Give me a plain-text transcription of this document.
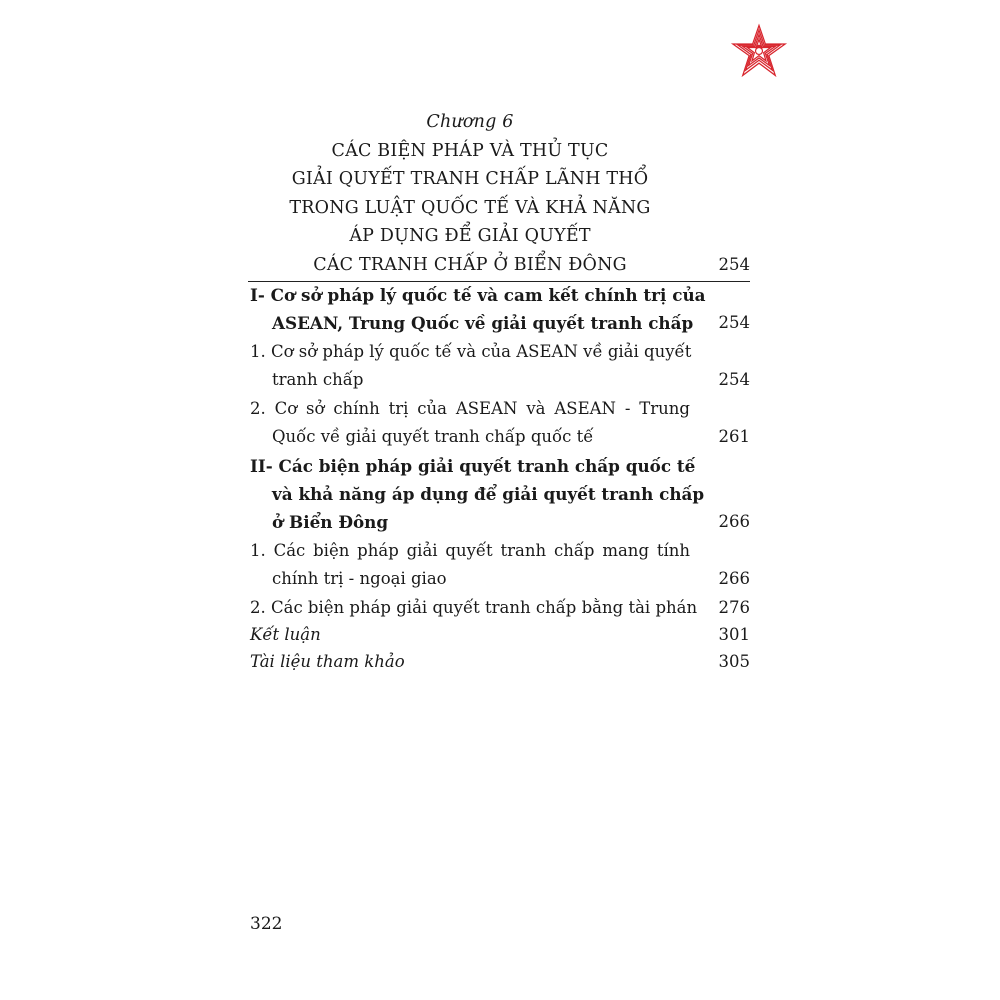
Chương 6
CÁC BIỆN PHÁP VÀ THỦ TỤC
GIẢI QUYẾT TRANH CHẤP LÃNH THỔ
TRONG LUẬT QUỐC TẾ VÀ KHẢ NĂNG
ÁP DỤNG ĐỂ GIẢI QUYẾT
CÁC TRANH CHẤP Ở BIỂN ĐÔNG	254
I- Cơ sở pháp lý quốc tế và cam kết chính trị của
ASEAN, Trung Quốc về giải quyết tranh chấp	254
1. Cơ sở pháp lý quốc tế và của ASEAN về giải quyết
tranh chấp	254
2. Cơ sở chính trị của ASEAN và ASEAN - Trung
Quốc về giải quyết tranh chấp quốc tế	261
II- Các biện pháp giải quyết tranh chấp quốc tế
và khả năng áp dụng để giải quyết tranh chấp
ở Biển Đông	266
1. Các biện pháp giải quyết tranh chấp mang tính
chính trị - ngoại giao	266
2. Các biện pháp giải quyết tranh chấp bằng tài phán	276
Kết luận	301
Tài liệu tham khảo	305
322
